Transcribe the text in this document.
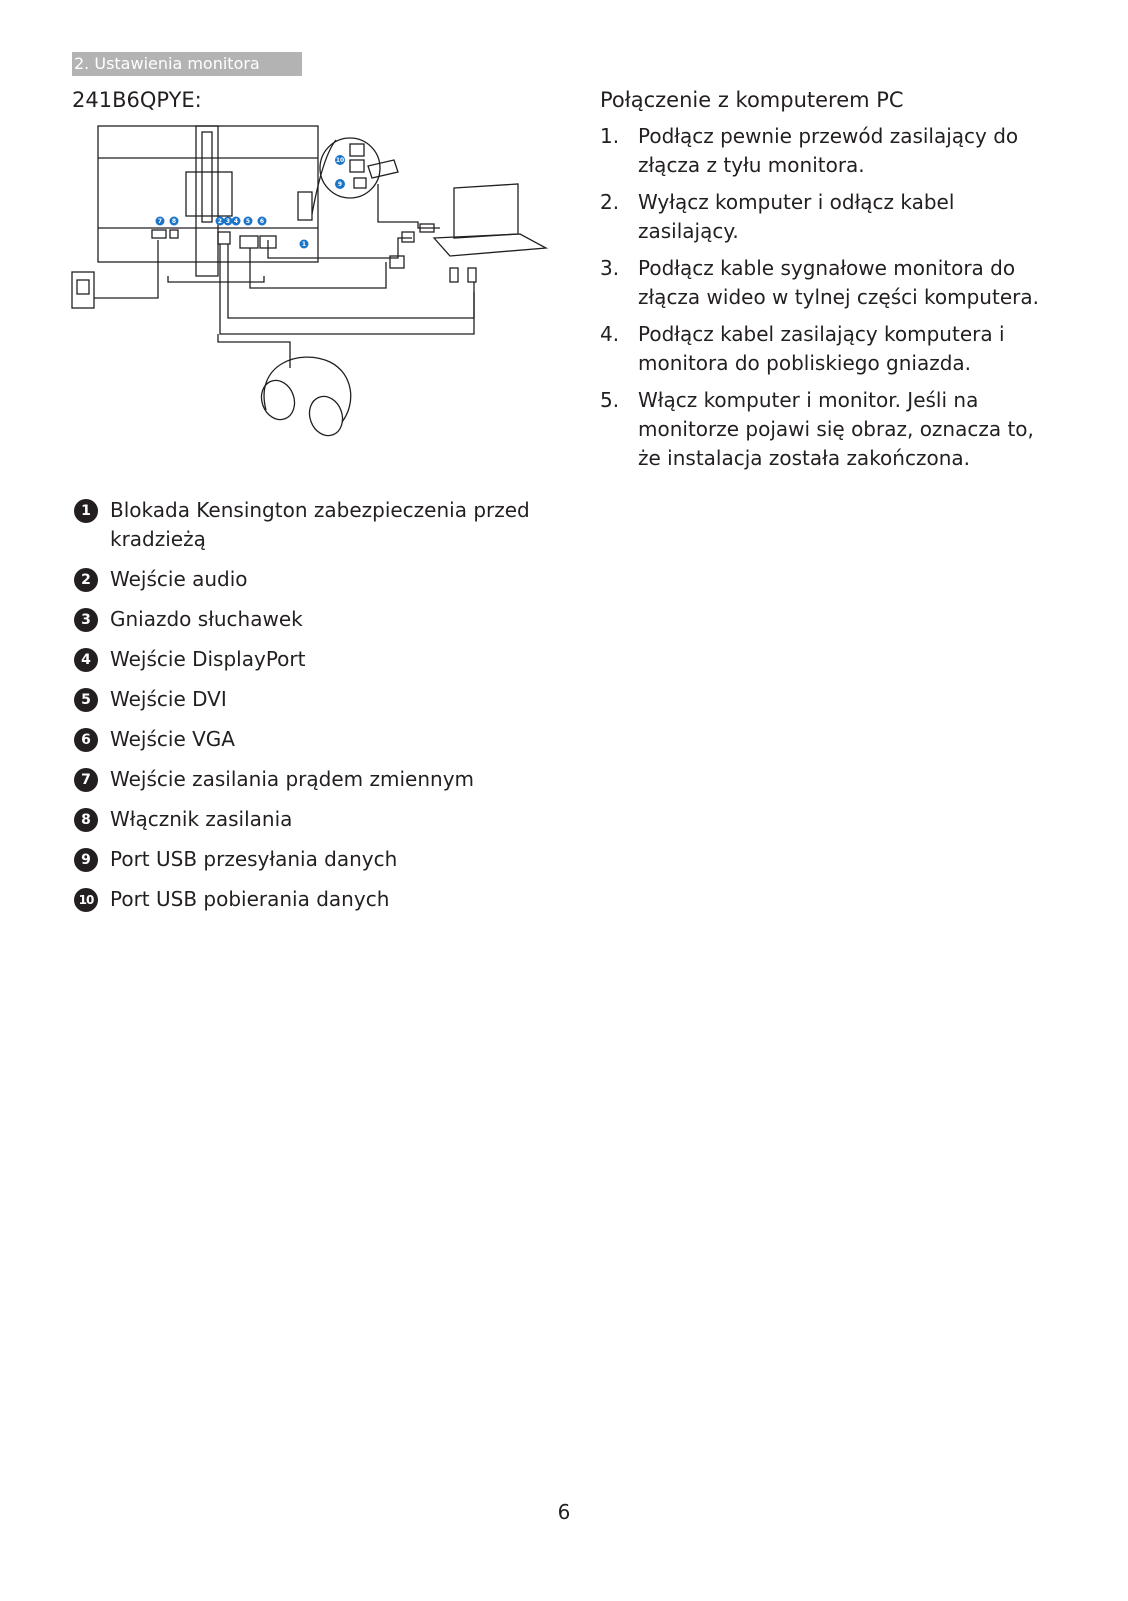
2. Ustawienia monitora
241B6QPYE:
7 8	2 3 4 5 6
1
10
9
1 Blokada Kensington zabezpieczenia przed kradzieżą
2 Wejście audio
3 Gniazdo słuchawek
4 Wejście DisplayPort
5 Wejście DVI
6 Wejście VGA
7 Wejście zasilania prądem zmiennym
8 Włącznik zasilania
9 Port USB przesyłania danych
10 Port USB pobierania danych
Połączenie z komputerem PC
1. Podłącz pewnie przewód zasilający do złącza z tyłu monitora.
2. Wyłącz komputer i odłącz kabel zasilający.
3. Podłącz kable sygnałowe monitora do złącza wideo w tylnej części komputera.
4. Podłącz kabel zasilający komputera i monitora do pobliskiego gniazda.
5. Włącz komputer i monitor. Jeśli na monitorze pojawi się obraz, oznacza to, że instalacja została zakończona.
6
